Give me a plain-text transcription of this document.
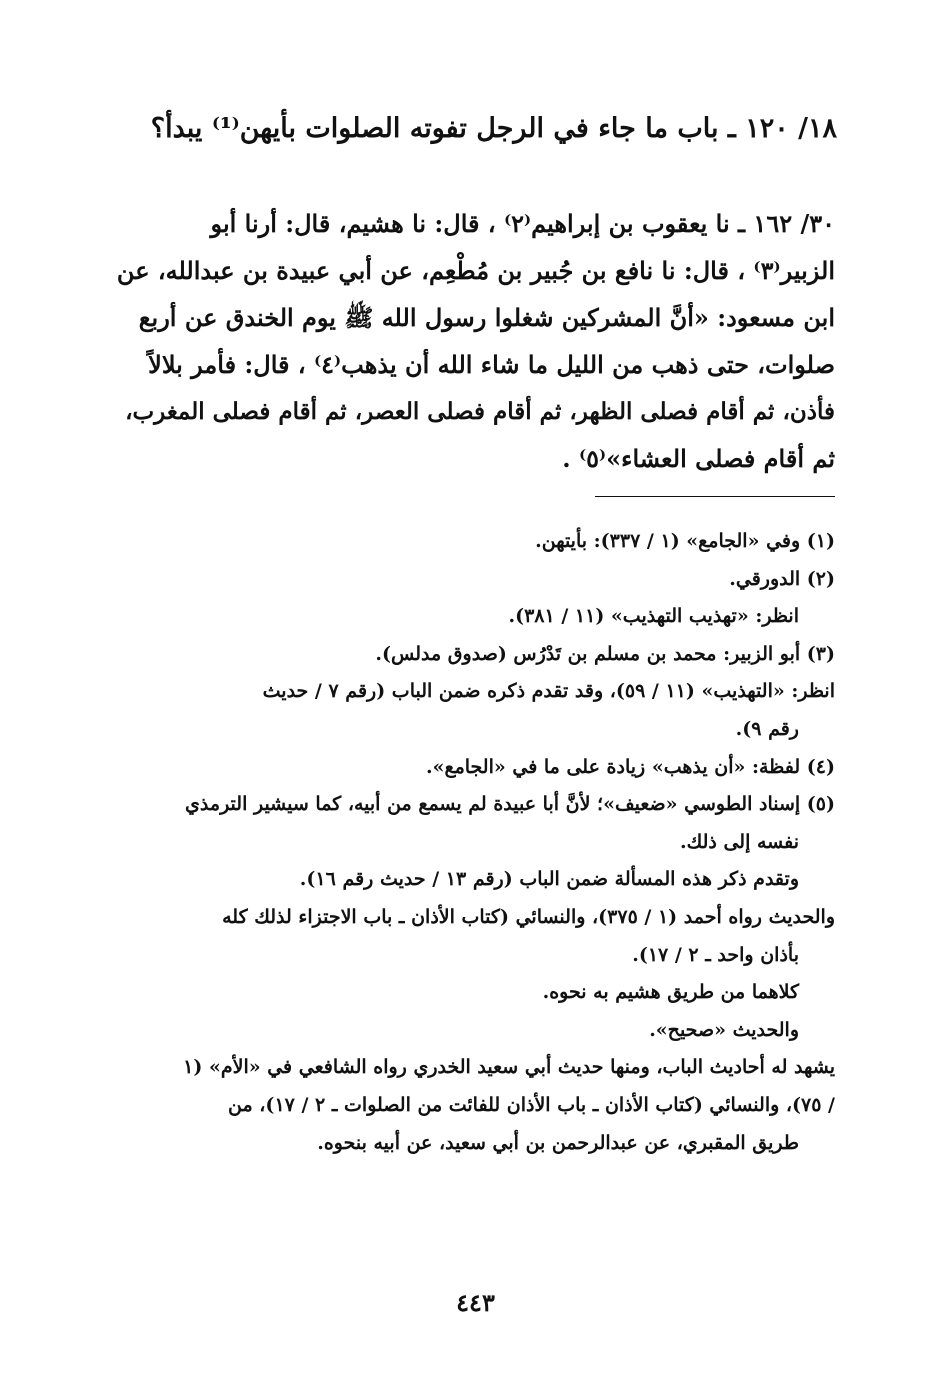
١٨/ ١٢٠ ـ باب ما جاء في الرجل تفوته الصلوات بأيهن⁽¹⁾ يبدأ؟
٣٠/ ١٦٢ ـ نا يعقوب بن إبراهيم⁽٢⁾ ، قال: نا هشيم، قال: أرنا أبو
الزبير⁽٣⁾ ، قال: نا نافع بن جُبير بن مُطْعِم، عن أبي عبيدة بن عبدالله، عن
ابن مسعود: «أنَّ المشركين شغلوا رسول الله ﷺ يوم الخندق عن أربع
صلوات، حتى ذهب من الليل ما شاء الله أن يذهب⁽٤⁾ ، قال: فأمر بلالاً
فأذن، ثم أقام فصلى الظهر، ثم أقام فصلى العصر، ثم أقام فصلى المغرب،
ثم أقام فصلى العشاء»⁽٥⁾ .
(١) وفي «الجامع» (١ / ٣٣٧): بأيتهن.
(٢) الدورقي.
انظر: «تهذيب التهذيب» (١١ / ٣٨١).
(٣) أبو الزبير: محمد بن مسلم بن تَدْرُس (صدوق مدلس).
انظر: «التهذيب» (١١ / ٥٩)، وقد تقدم ذكره ضمن الباب (رقم ٧ / حديث
رقم ٩).
(٤) لفظة: «أن يذهب» زيادة على ما في «الجامع».
(٥) إسناد الطوسي «ضعيف»؛ لأنَّ أبا عبيدة لم يسمع من أبيه، كما سيشير الترمذي
نفسه إلى ذلك.
وتقدم ذكر هذه المسألة ضمن الباب (رقم ١٣ / حديث رقم ١٦).
والحديث رواه أحمد (١ / ٣٧٥)، والنسائي (كتاب الأذان ـ باب الاجتزاء لذلك كله
بأذان واحد ـ ٢ / ١٧).
كلاهما من طريق هشيم به نحوه.
والحديث «صحيح».
يشهد له أحاديث الباب، ومنها حديث أبي سعيد الخدري رواه الشافعي في «الأم» (١
/ ٧٥)، والنسائي (كتاب الأذان ـ باب الأذان للفائت من الصلوات ـ ٢ / ١٧)، من
طريق المقبري، عن عبدالرحمن بن أبي سعيد، عن أبيه بنحوه.
٤٤٣
